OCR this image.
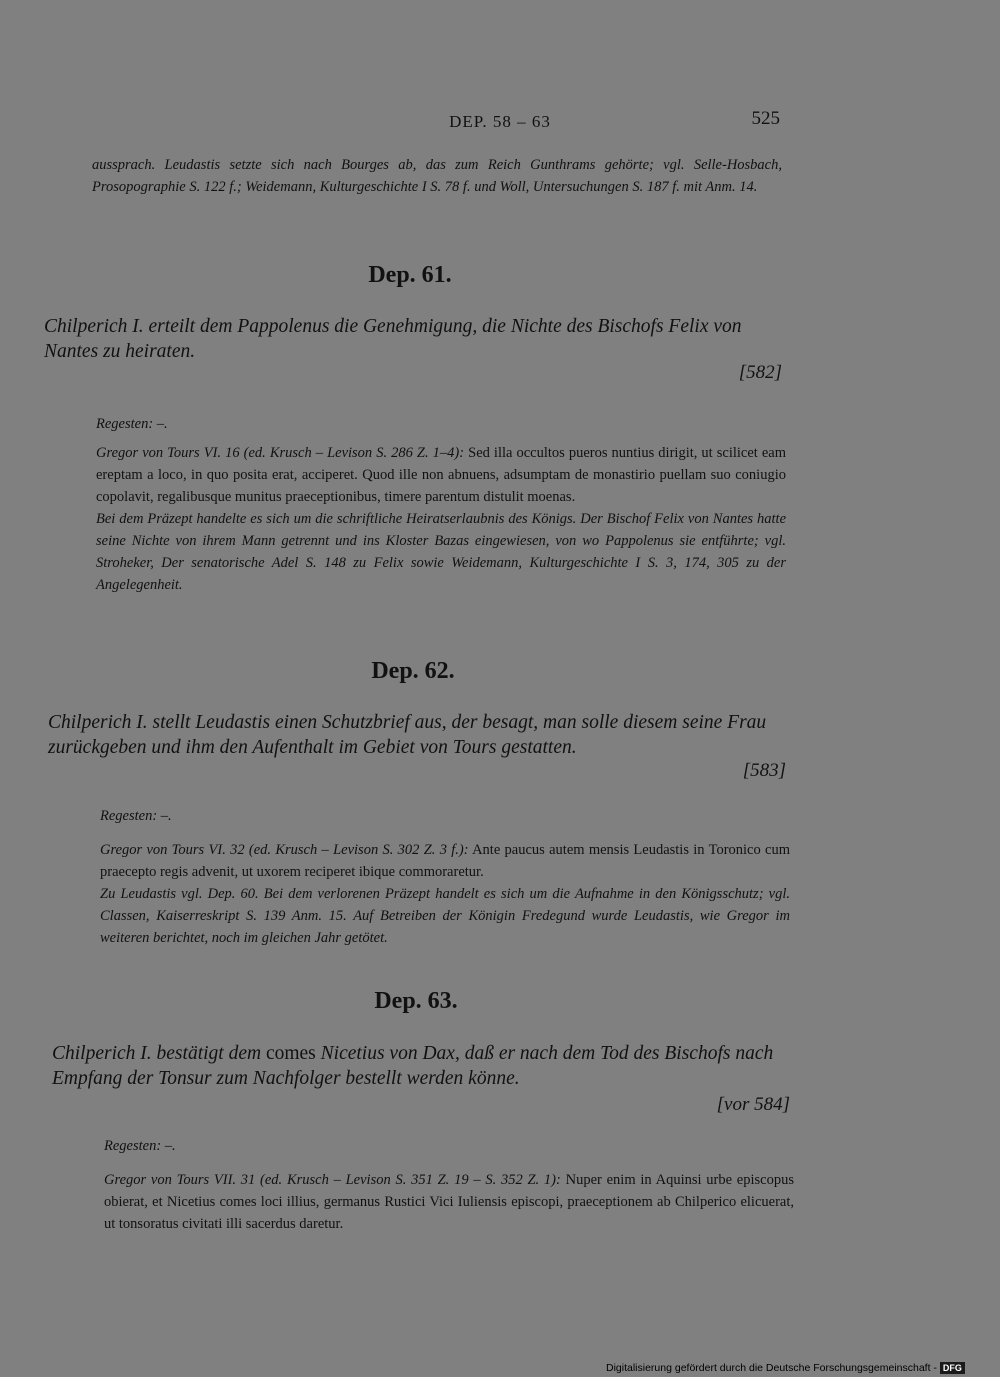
DEP. 58 – 63	525
aussprach. Leudastis setzte sich nach Bourges ab, das zum Reich Gunthrams gehörte; vgl. Selle-Hosbach, Prosopographie S. 122 f.; Weidemann, Kulturgeschichte I S. 78 f. und Woll, Untersuchungen S. 187 f. mit Anm. 14.
Dep. 61.
Chilperich I. erteilt dem Pappolenus die Genehmigung, die Nichte des Bischofs Felix von Nantes zu heiraten.
[582]
Regesten: –.
Gregor von Tours VI. 16 (ed. Krusch – Levison S. 286 Z. 1–4): Sed illa occultos pueros nuntius dirigit, ut scilicet eam ereptam a loco, in quo posita erat, acciperet. Quod ille non abnuens, adsumptam de monastirio puellam suo coniugio copolavit, regalibusque munitus praeceptionibus, timere parentum distulit moenas.
Bei dem Präzept handelte es sich um die schriftliche Heiratserlaubnis des Königs. Der Bischof Felix von Nantes hatte seine Nichte von ihrem Mann getrennt und ins Kloster Bazas eingewiesen, von wo Pappolenus sie entführte; vgl. Stroheker, Der senatorische Adel S. 148 zu Felix sowie Weidemann, Kulturgeschichte I S. 3, 174, 305 zu der Angelegenheit.
Dep. 62.
Chilperich I. stellt Leudastis einen Schutzbrief aus, der besagt, man solle diesem seine Frau zurückgeben und ihm den Aufenthalt im Gebiet von Tours gestatten.
[583]
Regesten: –.
Gregor von Tours VI. 32 (ed. Krusch – Levison S. 302 Z. 3 f.): Ante paucus autem mensis Leudastis in Toronico cum praecepto regis advenit, ut uxorem reciperet ibique commoraretur.
Zu Leudastis vgl. Dep. 60. Bei dem verlorenen Präzept handelt es sich um die Aufnahme in den Königsschutz; vgl. Classen, Kaiserreskript S. 139 Anm. 15. Auf Betreiben der Königin Fredegund wurde Leudastis, wie Gregor im weiteren berichtet, noch im gleichen Jahr getötet.
Dep. 63.
Chilperich I. bestätigt dem comes Nicetius von Dax, daß er nach dem Tod des Bischofs nach Empfang der Tonsur zum Nachfolger bestellt werden könne.
[vor 584]
Regesten: –.
Gregor von Tours VII. 31 (ed. Krusch – Levison S. 351 Z. 19 – S. 352 Z. 1): Nuper enim in Aquinsi urbe episcopus obierat, et Nicetius comes loci illius, germanus Rustici Vici Iuliensis episcopi, praeceptionem ab Chilperico elicuerat, ut tonsoratus civitati illi sacerdus daretur.
Digitalisierung gefördert durch die Deutsche Forschungsgemeinschaft - DFG
